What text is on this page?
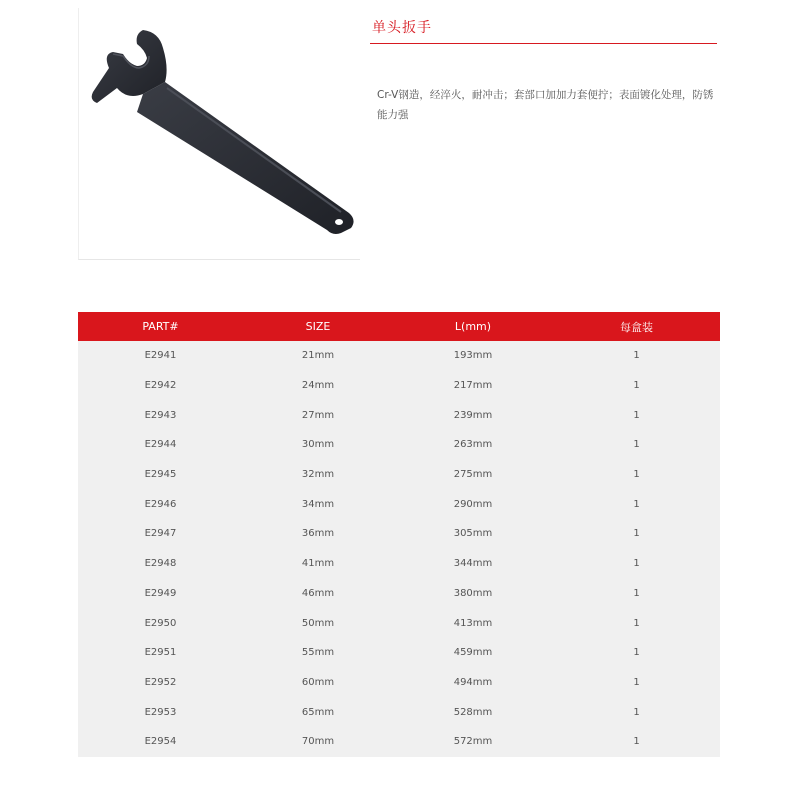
单头扳手
Cr-V钢造，经淬火，耐冲击；套部口加加力套便拧；表面镀化处理，防锈能力强
PART#	SIZE	L(mm)	每盒装
E2941	21mm	193mm	1
E2942	24mm	217mm	1
E2943	27mm	239mm	1
E2944	30mm	263mm	1
E2945	32mm	275mm	1
E2946	34mm	290mm	1
E2947	36mm	305mm	1
E2948	41mm	344mm	1
E2949	46mm	380mm	1
E2950	50mm	413mm	1
E2951	55mm	459mm	1
E2952	60mm	494mm	1
E2953	65mm	528mm	1
E2954	70mm	572mm	1
